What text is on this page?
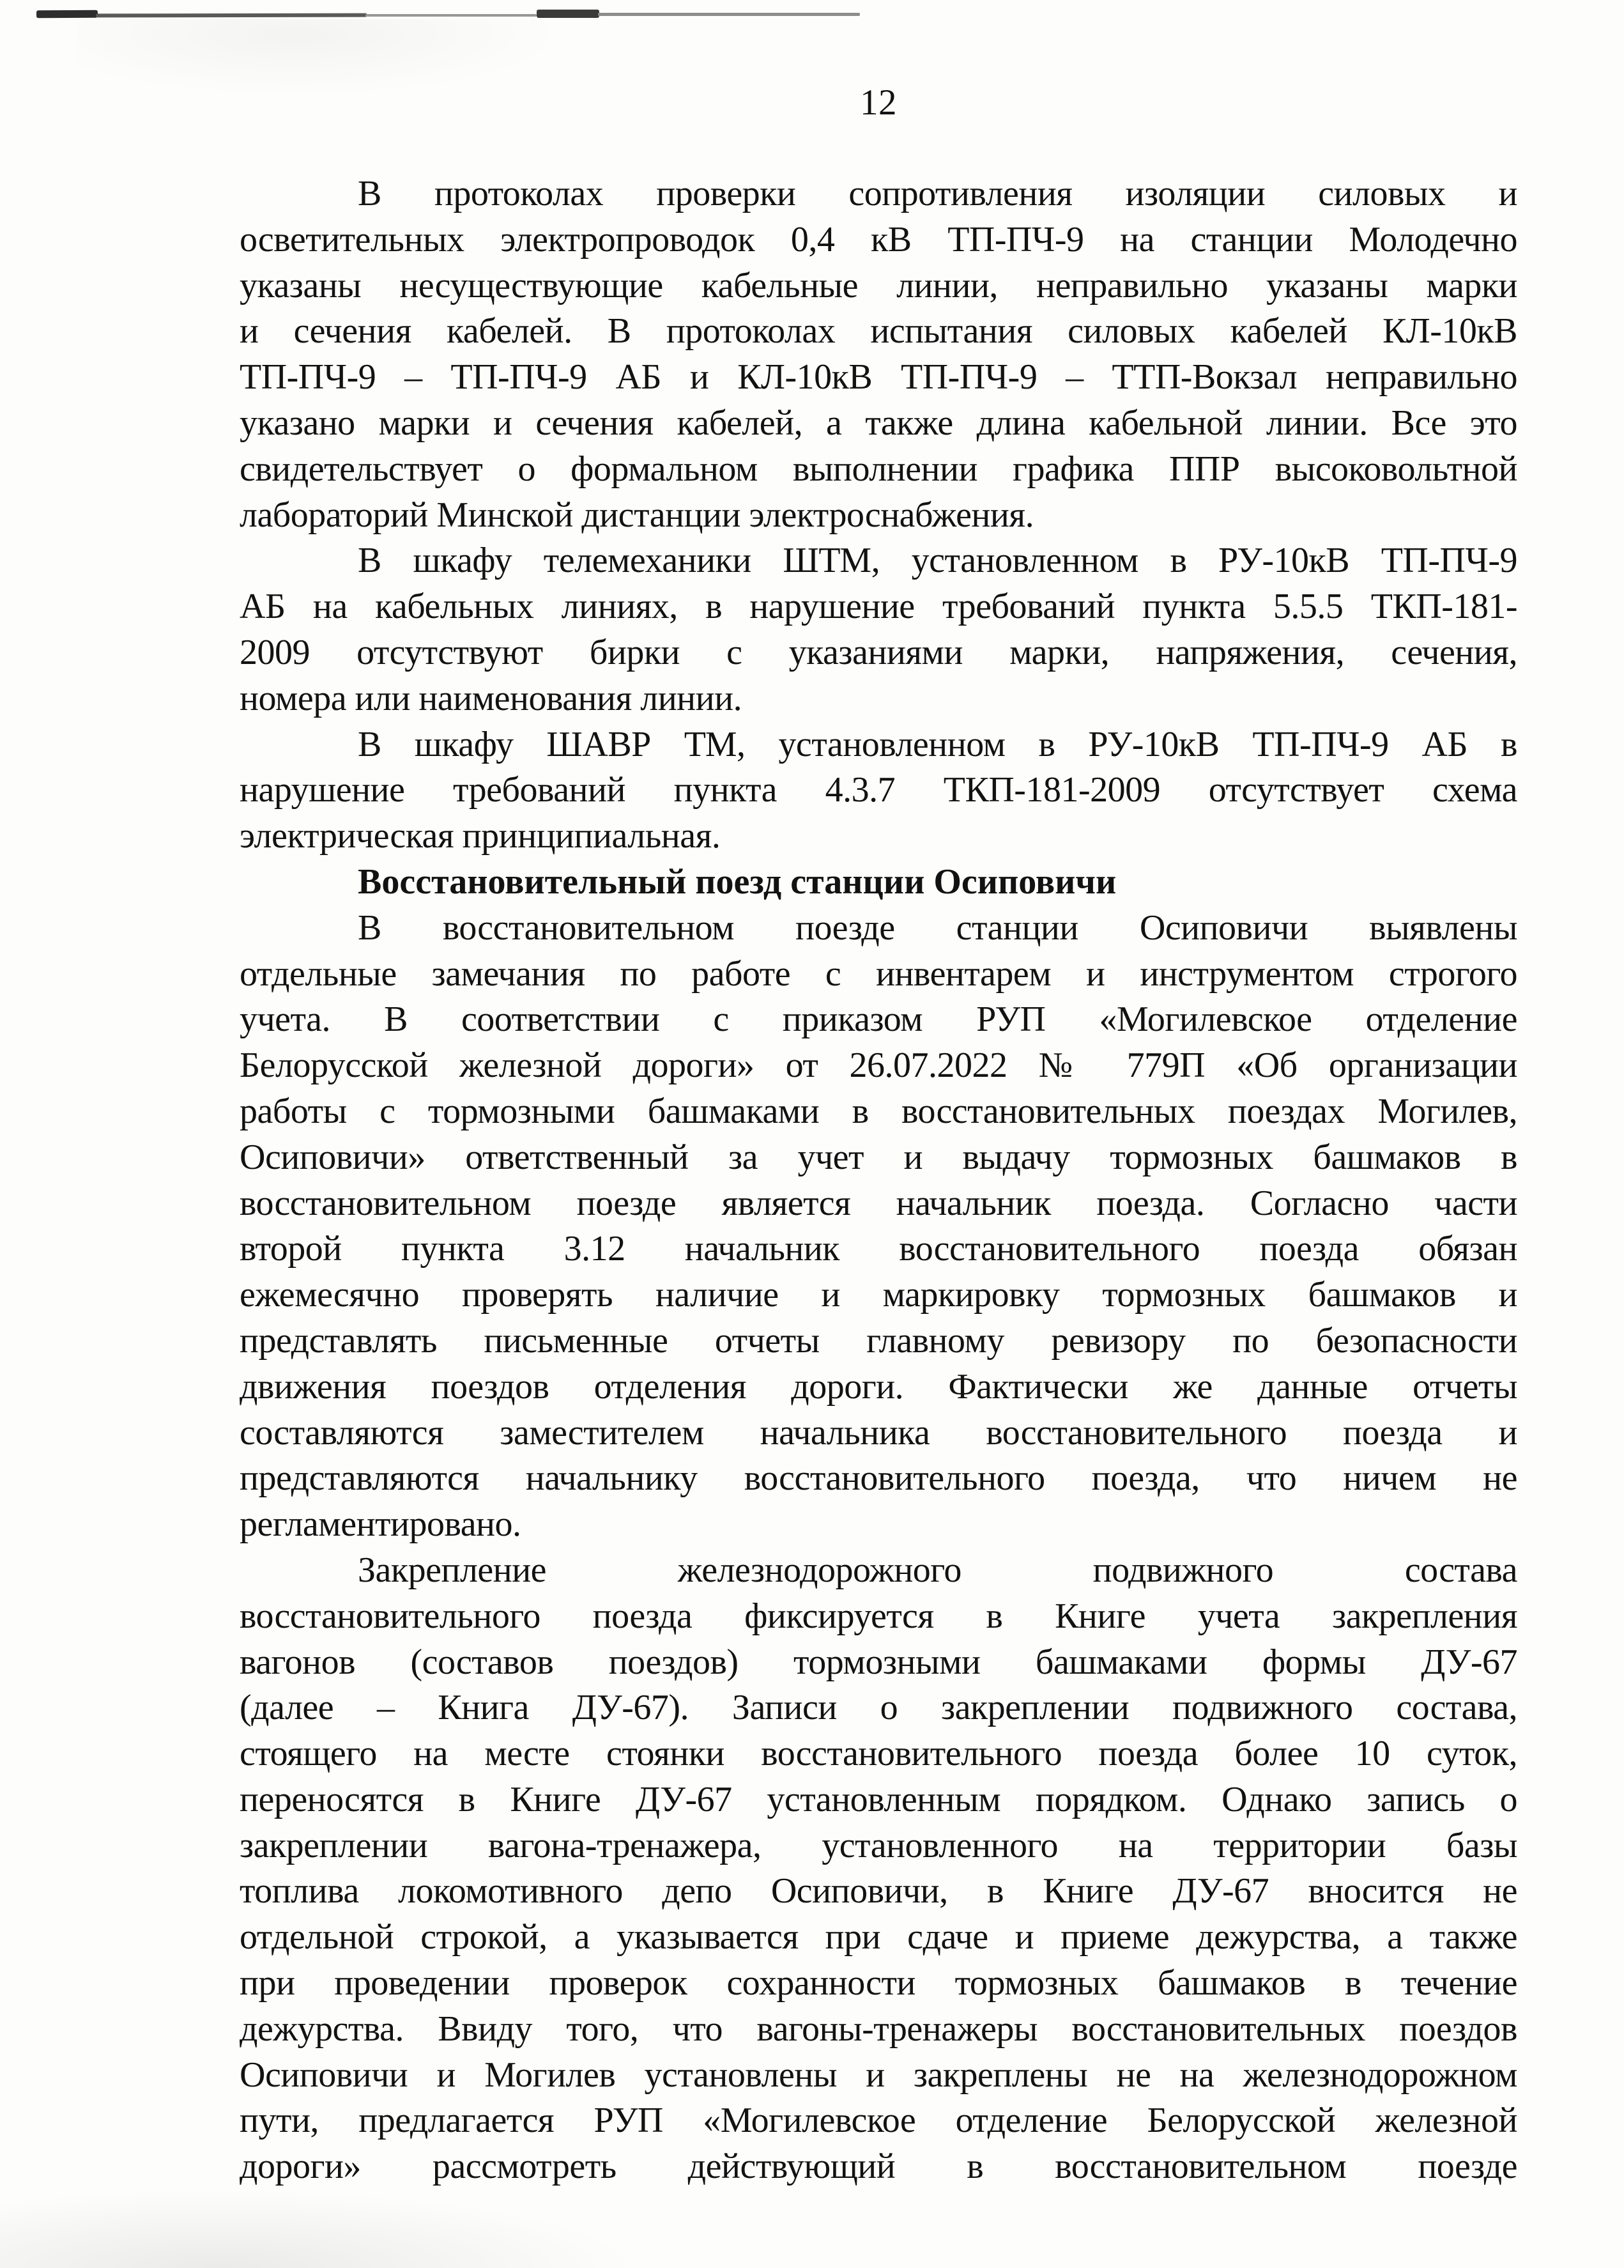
12
В протоколах проверки сопротивления изоляции силовых и
осветительных электропроводок 0,4 кВ ТП-ПЧ-9 на станции Молодечно
указаны несуществующие кабельные линии, неправильно указаны марки
и сечения кабелей. В протоколах испытания силовых кабелей КЛ-10кВ
ТП-ПЧ-9 – ТП-ПЧ-9 АБ и КЛ-10кВ ТП-ПЧ-9 – ТТП-Вокзал неправильно
указано марки и сечения кабелей, а также длина кабельной линии. Все это
свидетельствует о формальном выполнении графика ППР высоковольтной
лабораторий Минской дистанции электроснабжения.
В шкафу телемеханики ШТМ, установленном в РУ-10кВ ТП-ПЧ-9
АБ на кабельных линиях, в нарушение требований пункта 5.5.5 ТКП-181-
2009 отсутствуют бирки с указаниями марки, напряжения, сечения,
номера или наименования линии.
В шкафу ШАВР ТМ, установленном в РУ-10кВ ТП-ПЧ-9 АБ в
нарушение требований пункта 4.3.7 ТКП-181-2009 отсутствует схема
электрическая принципиальная.
Восстановительный поезд станции Осиповичи
В восстановительном поезде станции Осиповичи выявлены
отдельные замечания по работе с инвентарем и инструментом строгого
учета. В соответствии с приказом РУП «Могилевское отделение
Белорусской железной дороги» от 26.07.2022 № 779П «Об организации
работы с тормозными башмаками в восстановительных поездах Могилев,
Осиповичи» ответственный за учет и выдачу тормозных башмаков в
восстановительном поезде является начальник поезда. Согласно части
второй пункта 3.12 начальник восстановительного поезда обязан
ежемесячно проверять наличие и маркировку тормозных башмаков и
представлять письменные отчеты главному ревизору по безопасности
движения поездов отделения дороги. Фактически же данные отчеты
составляются заместителем начальника восстановительного поезда и
представляются начальнику восстановительного поезда, что ничем не
регламентировано.
Закрепление железнодорожного подвижного состава
восстановительного поезда фиксируется в Книге учета закрепления
вагонов (составов поездов) тормозными башмаками формы ДУ-67
(далее – Книга ДУ-67). Записи о закреплении подвижного состава,
стоящего на месте стоянки восстановительного поезда более 10 суток,
переносятся в Книге ДУ-67 установленным порядком. Однако запись о
закреплении вагона-тренажера, установленного на территории базы
топлива локомотивного депо Осиповичи, в Книге ДУ-67 вносится не
отдельной строкой, а указывается при сдаче и приеме дежурства, а также
при проведении проверок сохранности тормозных башмаков в течение
дежурства. Ввиду того, что вагоны-тренажеры восстановительных поездов
Осиповичи и Могилев установлены и закреплены не на железнодорожном
пути, предлагается РУП «Могилевское отделение Белорусской железной
дороги» рассмотреть действующий в восстановительном поезде
